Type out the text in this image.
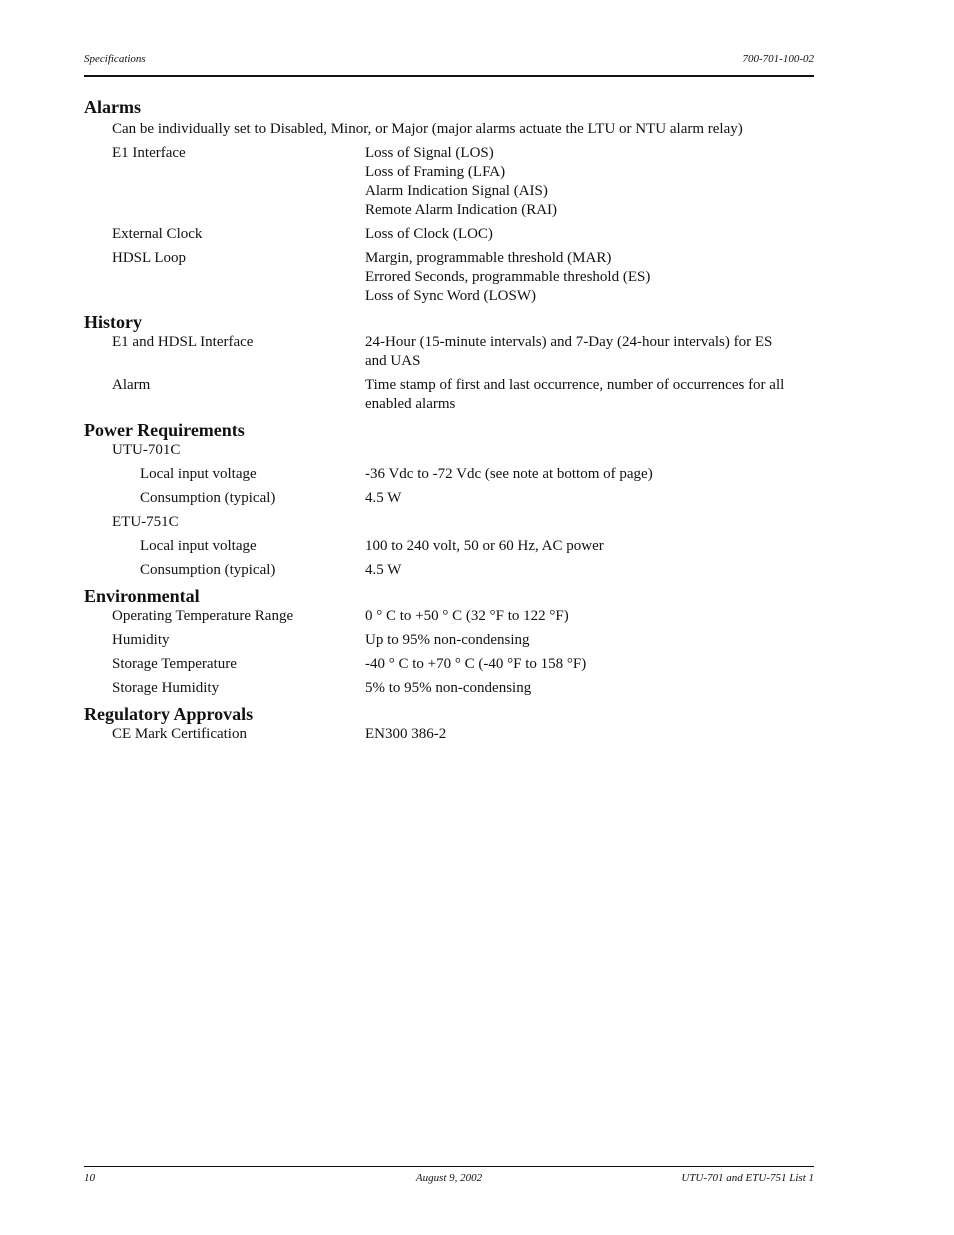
Specifications	700-701-100-02
Alarms
Can be individually set to Disabled, Minor, or Major (major alarms actuate the LTU or NTU alarm relay)
E1 Interface	Loss of Signal (LOS)
Loss of Framing (LFA)
Alarm Indication Signal (AIS)
Remote Alarm Indication (RAI)
External Clock	Loss of Clock (LOC)
HDSL Loop	Margin, programmable threshold (MAR)
Errored Seconds, programmable threshold (ES)
Loss of Sync Word (LOSW)
History
E1 and HDSL Interface	24-Hour (15-minute intervals) and 7-Day (24-hour intervals) for ES and UAS
Alarm	Time stamp of first and last occurrence, number of occurrences for all enabled alarms
Power Requirements
UTU-701C
Local input voltage	-36 Vdc to -72 Vdc (see note at bottom of page)
Consumption (typical)	4.5 W
ETU-751C
Local input voltage	100 to 240 volt, 50 or 60 Hz, AC power
Consumption (typical)	4.5 W
Environmental
Operating Temperature Range	0 ° C to +50 ° C (32 °F to 122 °F)
Humidity	Up to 95% non-condensing
Storage Temperature	-40 ° C to +70 ° C (-40 °F to 158 °F)
Storage Humidity	5% to 95% non-condensing
Regulatory Approvals
CE Mark Certification	EN300 386-2
10	August 9, 2002	UTU-701 and ETU-751 List 1
